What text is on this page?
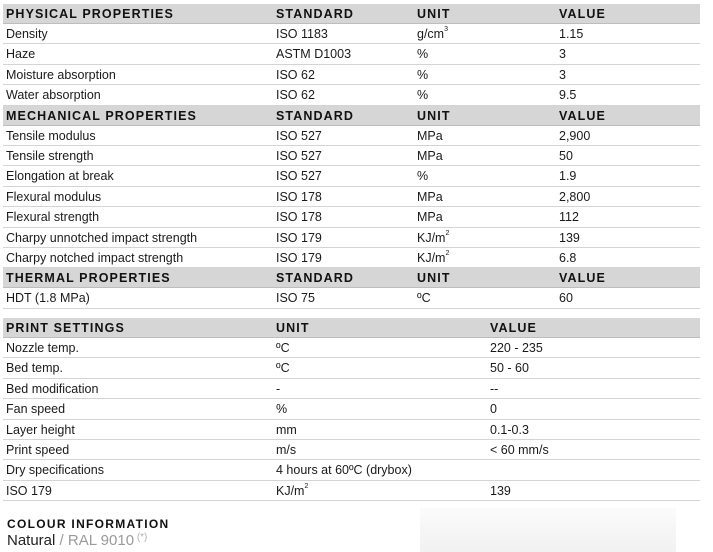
PHYSICAL PROPERTIES	STANDARD	UNIT	VALUE
Density	ISO 1183	$g/cm^3$	1.15
Haze	ASTM D1003	%	3
Moisture absorption	ISO 62	%	3
Water absorption	ISO 62	%	9.5
MECHANICAL PROPERTIES	STANDARD	UNIT	VALUE
Tensile modulus	ISO 527	MPa	2,900
Tensile strength	ISO 527	MPa	50
Elongation at break	ISO 527	%	1.9
Flexural modulus	ISO 178	MPa	2,800
Flexural strength	ISO 178	MPa	112
Charpy unnotched impact strength	ISO 179	$KJ/m^2$	139
Charpy notched impact strength	ISO 179	$KJ/m^2$	6.8
THERMAL PROPERTIES	STANDARD	UNIT	VALUE
HDT (1.8 MPa)	ISO 75	ºC	60
PRINT SETTINGS	UNIT	VALUE
Nozzle temp.	ºC	220 - 235
Bed temp.	ºC	50 - 60
Bed modification	-	--
Fan speed	%	0
Layer height	mm	0.1-0.3
Print speed	m/s	< 60 mm/s
Dry specifications	4 hours at 60ºC (drybox)
ISO 179	$KJ/m^2$	139
COLOUR INFORMATION
Natural / RAL 9010 (*)
